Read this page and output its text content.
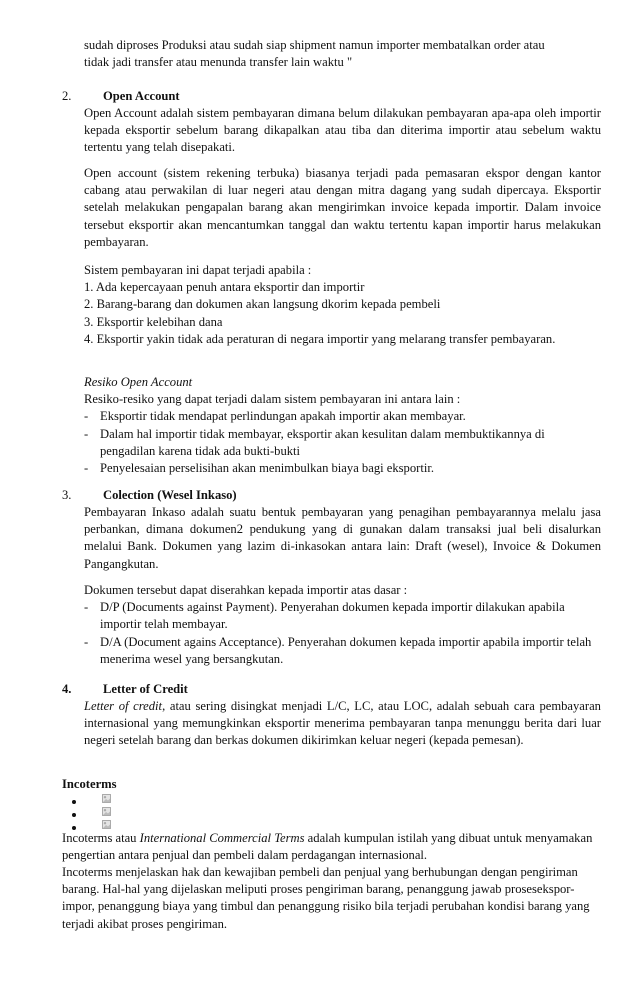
sudah diproses Produksi atau sudah siap shipment namun importer membatalkan order atau
tidak jadi transfer atau menunda transfer lain waktu "
2.	Open Account
Open Account adalah sistem pembayaran dimana belum dilakukan pembayaran apa-apa oleh importir kepada eksportir sebelum barang dikapalkan atau tiba dan diterima importir atau sebelum waktu tertentu yang telah disepakati.
Open account (sistem rekening terbuka) biasanya terjadi pada pemasaran ekspor dengan kantor cabang atau perwakilan di luar negeri atau dengan mitra dagang yang sudah dipercaya. Eksportir setelah melakukan pengapalan barang akan mengirimkan invoice kepada importir. Dalam invoice tersebut eksportir akan mencantumkan tanggal dan waktu tertentu kapan importir harus melakukan pembayaran.
Sistem pembayaran ini dapat terjadi apabila :
1. Ada kepercayaan penuh antara eksportir dan importir
2. Barang-barang dan dokumen akan langsung dkorim kepada pembeli
3. Eksportir kelebihan dana
4. Eksportir yakin tidak ada peraturan di negara importir yang melarang transfer pembayaran.
Resiko Open Account
Resiko-resiko yang dapat terjadi dalam sistem pembayaran ini antara lain :
- Eksportir tidak mendapat perlindungan apakah importir akan membayar.
- Dalam hal importir tidak membayar, eksportir akan kesulitan dalam membuktikannya di pengadilan karena tidak ada bukti-bukti
- Penyelesaian perselisihan akan menimbulkan biaya bagi eksportir.
3.	Colection (Wesel Inkaso)
Pembayaran Inkaso adalah suatu bentuk pembayaran yang penagihan pembayarannya melalu jasa perbankan, dimana dokumen2 pendukung yang di gunakan dalam transaksi jual beli disalurkan melalui Bank. Dokumen yang lazim di-inkasokan antara lain: Draft (wesel), Invoice & Dokumen Pangangkutan.
Dokumen tersebut dapat diserahkan kepada importir atas dasar :
- D/P (Documents against Payment). Penyerahan dokumen kepada importir dilakukan apabila importir telah membayar.
- D/A (Document agains Acceptance). Penyerahan dokumen kepada importir apabila importir telah menerima wesel yang bersangkutan.
4.	Letter of Credit
Letter of credit, atau sering disingkat menjadi L/C, LC, atau LOC, adalah sebuah cara pembayaran internasional yang memungkinkan eksportir menerima pembayaran tanpa menunggu berita dari luar negeri setelah barang dan berkas dokumen dikirimkan keluar negeri (kepada pemesan).
Incoterms
Incoterms atau International Commercial Terms adalah kumpulan istilah yang dibuat untuk menyamakan pengertian antara penjual dan pembeli dalam perdagangan internasional.
Incoterms menjelaskan hak dan kewajiban pembeli dan penjual yang berhubungan dengan pengiriman barang. Hal-hal yang dijelaskan meliputi proses pengiriman barang, penanggung jawab prosesekspor-impor, penanggung biaya yang timbul dan penanggung risiko bila terjadi perubahan kondisi barang yang terjadi akibat proses pengiriman.
